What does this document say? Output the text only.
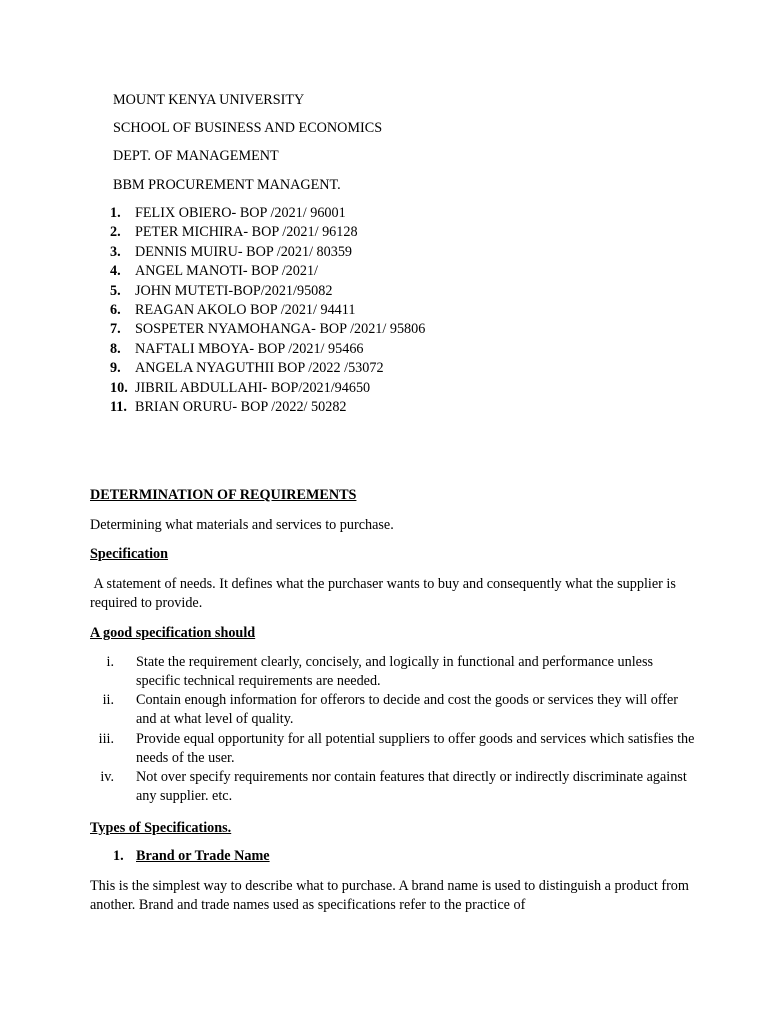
MOUNT KENYA UNIVERSITY

SCHOOL OF BUSINESS AND ECONOMICS

DEPT. OF MANAGEMENT

BBM PROCUREMENT MANAGENT.

1. FELIX OBIERO- BOP /2021/ 96001
2. PETER MICHIRA- BOP /2021/ 96128
3. DENNIS MUIRU- BOP /2021/ 80359
4. ANGEL MANOTI- BOP /2021/
5. JOHN MUTETI-BOP/2021/95082
6. REAGAN AKOLO BOP /2021/ 94411
7. SOSPETER NYAMOHANGA- BOP /2021/ 95806
8. NAFTALI MBOYA- BOP /2021/ 95466
9. ANGELA NYAGUTHII BOP /2022 /53072
10. JIBRIL ABDULLAHI- BOP/2021/94650
11. BRIAN ORURU- BOP /2022/ 50282

DETERMINATION OF REQUIREMENTS

Determining what materials and services to purchase.

Specification

A statement of needs. It defines what the purchaser wants to buy and consequently what the supplier is required to provide.

A good specification should

i. State the requirement clearly, concisely, and logically in functional and performance unless specific technical requirements are needed.
ii. Contain enough information for offerors to decide and cost the goods or services they will offer and at what level of quality.
iii. Provide equal opportunity for all potential suppliers to offer goods and services which satisfies the needs of the user.
iv. Not over specify requirements nor contain features that directly or indirectly discriminate against any supplier. etc.

Types of Specifications.

1. Brand or Trade Name

This is the simplest way to describe what to purchase. A brand name is used to distinguish a product from another. Brand and trade names used as specifications refer to the practice of
